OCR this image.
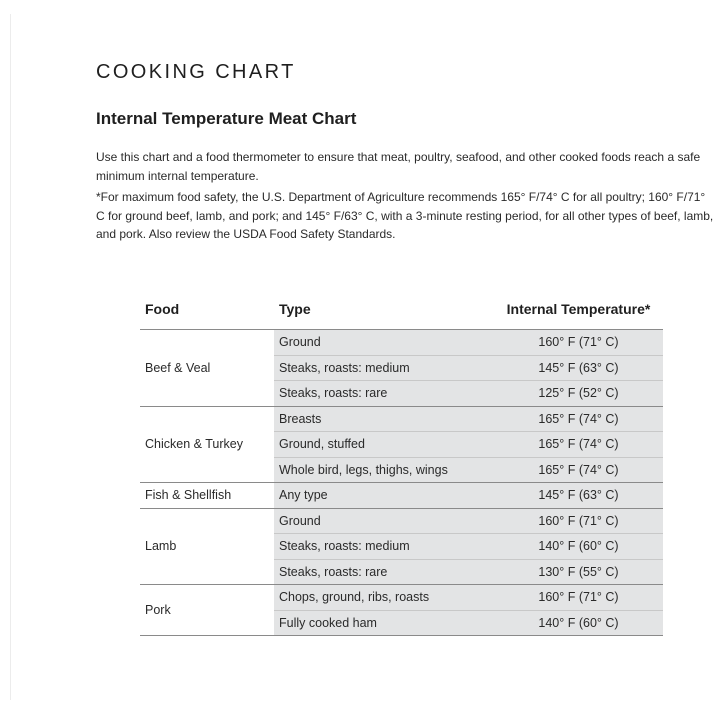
COOKING CHART
Internal Temperature Meat Chart

Use this chart and a food thermometer to ensure that meat, poultry, seafood, and other cooked foods reach a safe minimum internal temperature.

*For maximum food safety, the U.S. Department of Agriculture recommends 165° F/74° C for all poultry; 160° F/71° C for ground beef, lamb, and pork; and 145° F/63° C, with a 3-minute resting period, for all other types of beef, lamb, and pork. Also review the USDA Food Safety Standards.

Food	Type	Internal Temperature*
Beef & Veal	Ground	160° F (71° C)
	Steaks, roasts: medium	145° F (63° C)
	Steaks, roasts: rare	125° F (52° C)
Chicken & Turkey	Breasts	165° F (74° C)
	Ground, stuffed	165° F (74° C)
	Whole bird, legs, thighs, wings	165° F (74° C)
Fish & Shellfish	Any type	145° F (63° C)
Lamb	Ground	160° F (71° C)
	Steaks, roasts: medium	140° F (60° C)
	Steaks, roasts: rare	130° F (55° C)
Pork	Chops, ground, ribs, roasts	160° F (71° C)
	Fully cooked ham	140° F (60° C)
